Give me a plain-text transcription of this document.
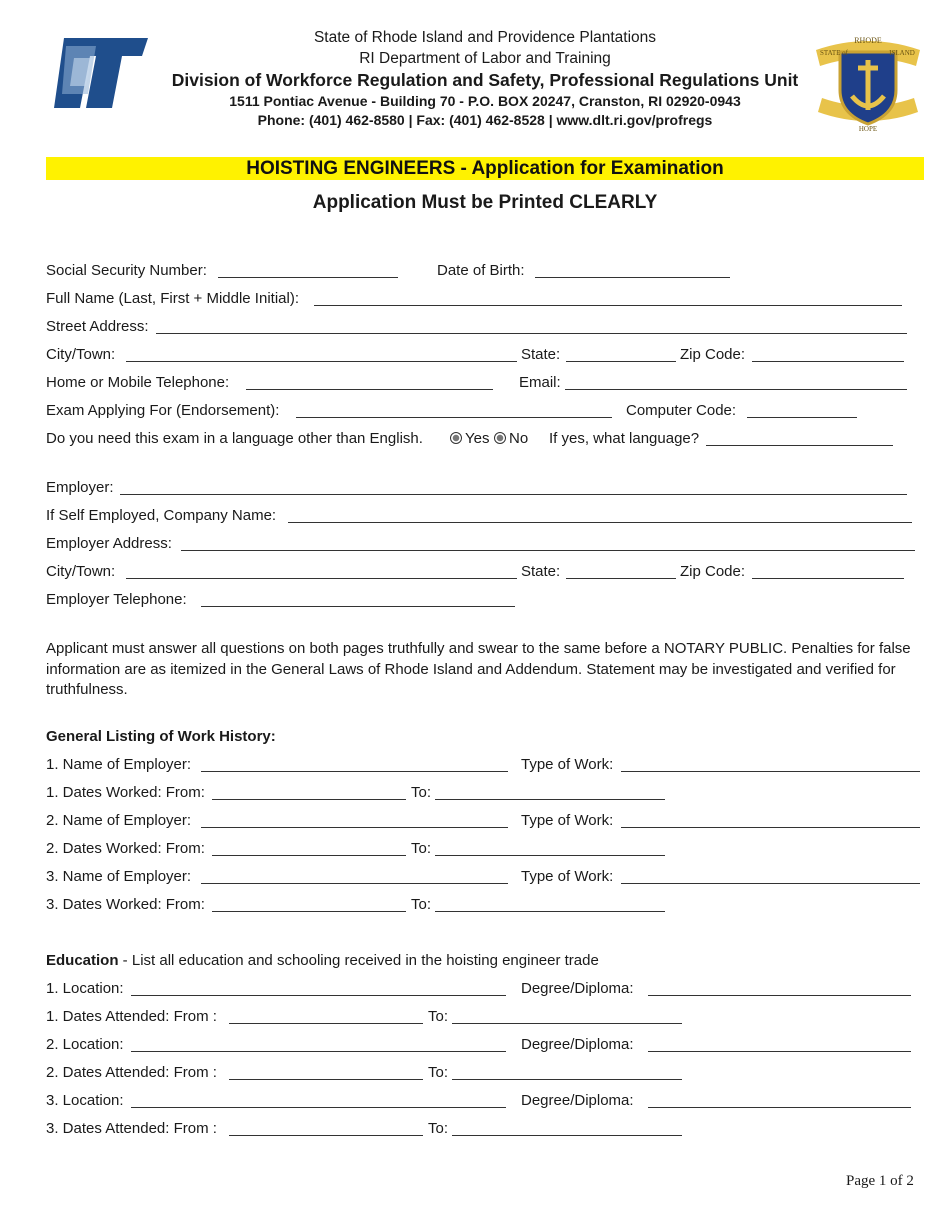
LT
RHODE
STATE of	ISLAND
HOPE
State of Rhode Island and Providence Plantations
RI Department of Labor and Training
Division of Workforce Regulation and Safety, Professional Regulations Unit
1511 Pontiac Avenue - Building 70 - P.O. BOX 20247, Cranston, RI 02920-0943
Phone: (401) 462-8580 | Fax: (401) 462-8528 | www.dlt.ri.gov/profregs
HOISTING ENGINEERS - Application for Examination
Application Must be Printed CLEARLY
Social Security Number:	Date of Birth:
Full Name (Last, First + Middle Initial):
Street Address:
City/Town:	State:	Zip Code:
Home or Mobile Telephone:	Email:
Exam Applying For (Endorsement):	Computer Code:
Do you need this exam in a language other than English.	Yes	No If yes, what language?
Employer:
If Self Employed, Company Name:
Employer Address:
City/Town:	State:	Zip Code:
Employer Telephone:
Applicant must answer all questions on both pages truthfully and swear to the same before a NOTARY PUBLIC. Penalties for false information are as itemized in the General Laws of Rhode Island and Addendum. Statement may be investigated and verified for truthfulness.
General Listing of Work History:
1. Name of Employer:	Type of Work:
1. Dates Worked: From:	To:
2. Name of Employer:	Type of Work:
2. Dates Worked: From:	To:
3. Name of Employer:	Type of Work:
3. Dates Worked: From:	To:
Education - List all education and schooling received in the hoisting engineer trade
1. Location:	Degree/Diploma:
1. Dates Attended: From :	To:
2. Location:	Degree/Diploma:
2. Dates Attended: From :	To:
3. Location:	Degree/Diploma:
3. Dates Attended: From :	To:
Page 1 of 2
